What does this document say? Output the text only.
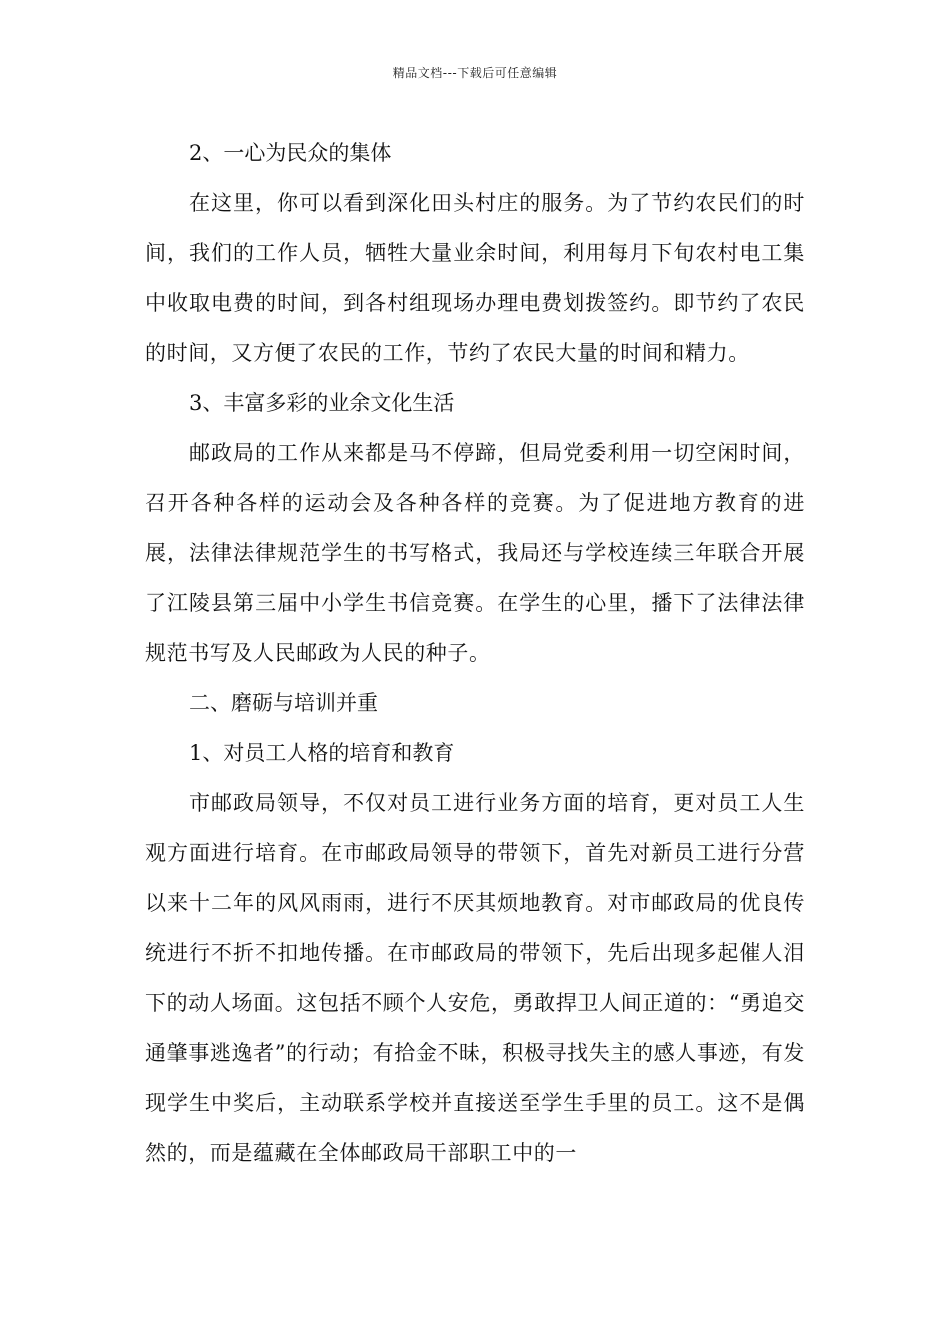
精品文档---下载后可任意编辑

2、一心为民众的集体

在这里，你可以看到深化田头村庄的服务。为了节约农民们的时间，我们的工作人员，牺牲大量业余时间，利用每月下旬农村电工集中收取电费的时间，到各村组现场办理电费划拨签约。即节约了农民的时间，又方便了农民的工作，节约了农民大量的时间和精力。

3、丰富多彩的业余文化生活

邮政局的工作从来都是马不停蹄，但局党委利用一切空闲时间，召开各种各样的运动会及各种各样的竞赛。为了促进地方教育的进展，法律法律规范学生的书写格式，我局还与学校连续三年联合开展了江陵县第三届中小学生书信竞赛。在学生的心里，播下了法律法律规范书写及人民邮政为人民的种子。

二、磨砺与培训并重

1、对员工人格的培育和教育

市邮政局领导，不仅对员工进行业务方面的培育，更对员工人生观方面进行培育。在市邮政局领导的带领下，首先对新员工进行分营以来十二年的风风雨雨，进行不厌其烦地教育。对市邮政局的优良传统进行不折不扣地传播。在市邮政局的带领下，先后出现多起催人泪下的动人场面。这包括不顾个人安危，勇敢捍卫人间正道的：“勇追交通肇事逃逸者”的行动；有拾金不昧，积极寻找失主的感人事迹，有发现学生中奖后，主动联系学校并直接送至学生手里的员工。这不是偶然的，而是蕴藏在全体邮政局干部职工中的一
